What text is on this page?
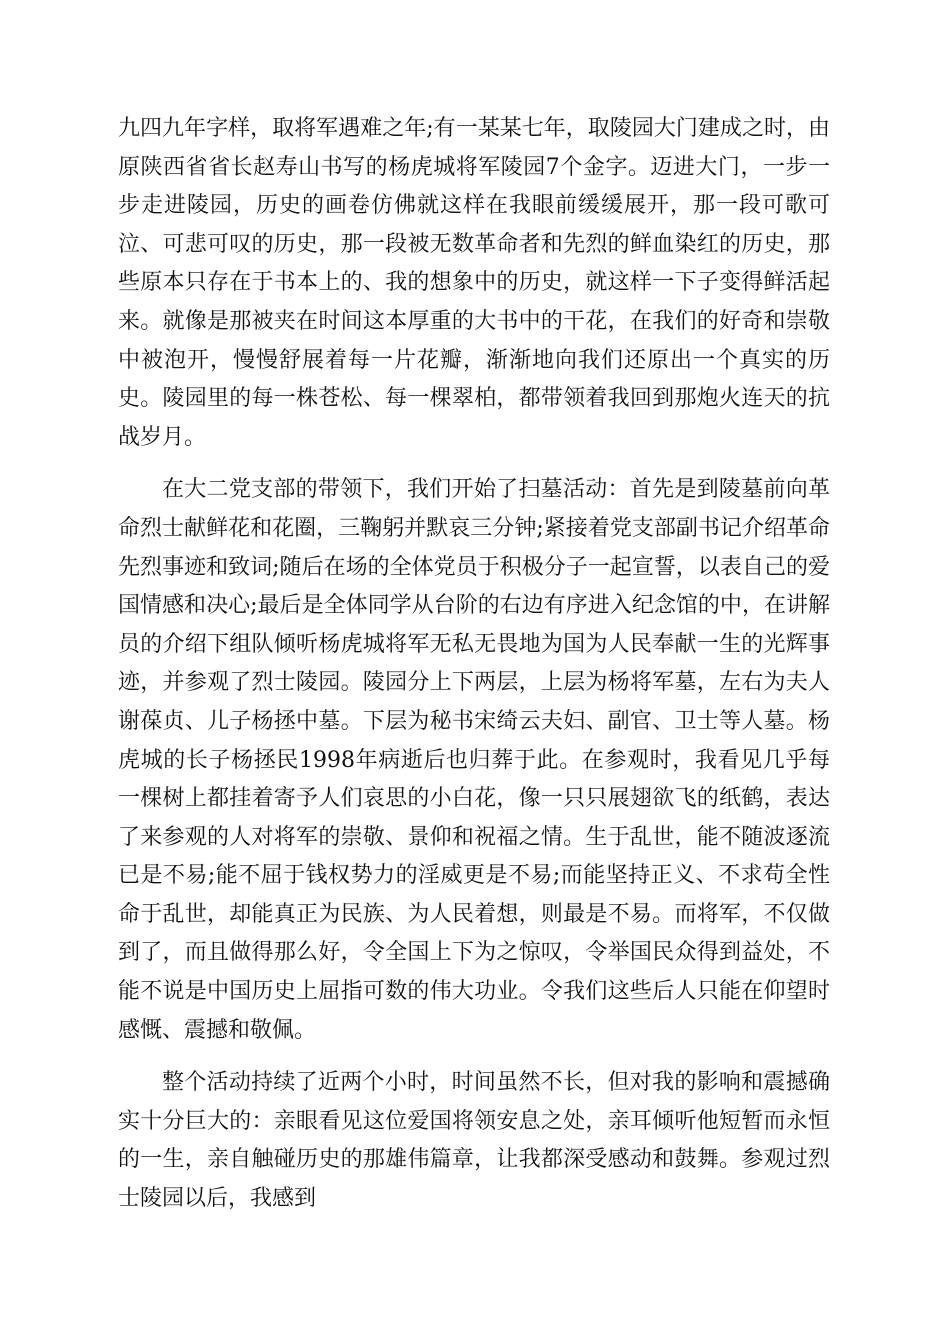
九四九年字样，取将军遇难之年;有一某某七年，取陵园大门建成之时，由原陕西省省长赵寿山书写的杨虎城将军陵园7个金字。迈进大门，一步一步走进陵园，历史的画卷仿佛就这样在我眼前缓缓展开，那一段可歌可泣、可悲可叹的历史，那一段被无数革命者和先烈的鲜血染红的历史，那些原本只存在于书本上的、我的想象中的历史，就这样一下子变得鲜活起来。就像是那被夹在时间这本厚重的大书中的干花，在我们的好奇和崇敬中被泡开，慢慢舒展着每一片花瓣，渐渐地向我们还原出一个真实的历史。陵园里的每一株苍松、每一棵翠柏，都带领着我回到那炮火连天的抗战岁月。

在大二党支部的带领下，我们开始了扫墓活动：首先是到陵墓前向革命烈士献鲜花和花圈，三鞠躬并默哀三分钟;紧接着党支部副书记介绍革命先烈事迹和致词;随后在场的全体党员于积极分子一起宣誓，以表自己的爱国情感和决心;最后是全体同学从台阶的右边有序进入纪念馆的中，在讲解员的介绍下组队倾听杨虎城将军无私无畏地为国为人民奉献一生的光辉事迹，并参观了烈士陵园。陵园分上下两层，上层为杨将军墓，左右为夫人谢葆贞、儿子杨拯中墓。下层为秘书宋绮云夫妇、副官、卫士等人墓。杨虎城的长子杨拯民1998年病逝后也归葬于此。在参观时，我看见几乎每一棵树上都挂着寄予人们哀思的小白花，像一只只展翅欲飞的纸鹤，表达了来参观的人对将军的崇敬、景仰和祝福之情。生于乱世，能不随波逐流已是不易;能不屈于钱权势力的淫威更是不易;而能坚持正义、不求苟全性命于乱世，却能真正为民族、为人民着想，则最是不易。而将军，不仅做到了，而且做得那么好，令全国上下为之惊叹，令举国民众得到益处，不能不说是中国历史上屈指可数的伟大功业。令我们这些后人只能在仰望时感慨、震撼和敬佩。

整个活动持续了近两个小时，时间虽然不长，但对我的影响和震撼确实十分巨大的：亲眼看见这位爱国将领安息之处，亲耳倾听他短暂而永恒的一生，亲自触碰历史的那雄伟篇章，让我都深受感动和鼓舞。参观过烈士陵园以后，我感到
